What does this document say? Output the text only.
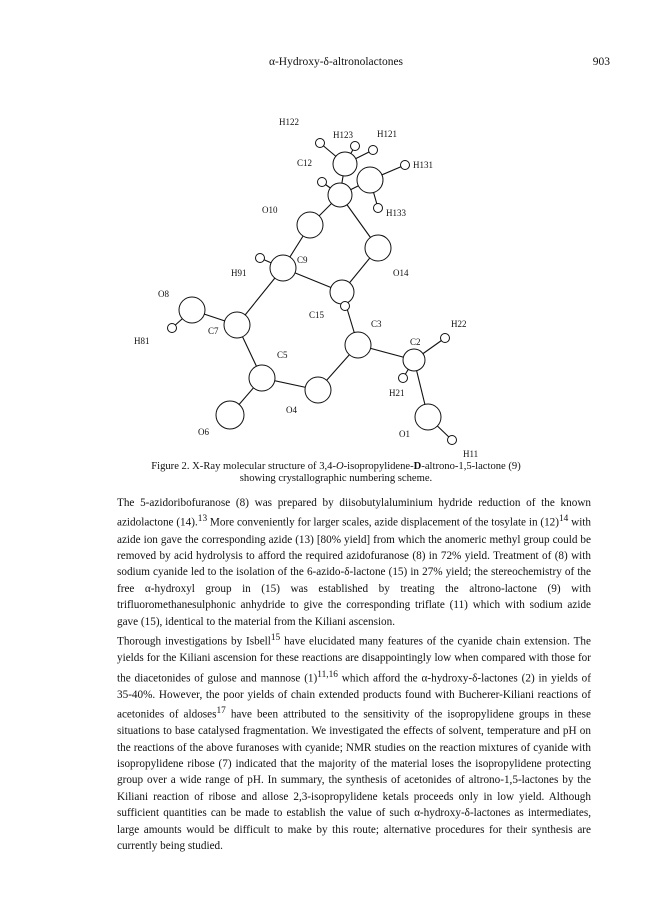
α-Hydroxy-δ-altronolactones	903
H122
H123	H121
C12	H131
O10	H133
C9
H91	O14
O8
C15
C3	H22
C7
C2
H81
C5
H21
O4
O6	O1
H11

Figure 2. X-Ray molecular structure of 3,4-O-isopropylidene-D-altrono-1,5-lactone (9)

showing crystallographic numbering scheme.

The 5-azidoribofuranose (8) was prepared by diisobutylaluminium hydride reduction of the known azidolactone (14).$^{13}$ More conveniently for larger scales, azide displacement of the tosylate in $(12)^{14}$ with azide ion gave the corresponding azide (13) [80% yield] from which the anomeric methyl group could be removed by acid hydrolysis to afford the required azidofuranose (8) in 72% yield. Treatment of (8) with sodium cyanide led to the isolation of the 6-azido-δ-lactone (15) in 27% yield; the stereochemistry of the free α-hydroxyl group in (15) was established by treating the altrono-lactone (9) with trifluoromethanesulphonic anhydride to give the corresponding triflate (11) which with sodium azide gave (15), identical to the material from the Kiliani ascension.

Thorough investigations by Isbell$^{15}$ have elucidated many features of the cyanide chain extension. The yields for the Kiliani ascension for these reactions are disappointingly low when compared with those for the diacetonides of gulose and mannose $(1)^{11,16}$ which afford the α-hydroxy-δ-lactones (2) in yields of 35-40%. However, the poor yields of chain extended products found with Bucherer-Kiliani reactions of acetonides of aldoses$^{17}$ have been attributed to the sensitivity of the isopropylidene groups in these situations to base catalysed fragmentation. We investigated the effects of solvent, temperature and pH on the reactions of the above furanoses with cyanide; NMR studies on the reaction mixtures of cyanide with isopropylidene ribose (7) indicated that the majority of the material loses the isopropylidene protecting group over a wide range of pH. In summary, the synthesis of acetonides of altrono-1,5-lactones by the Kiliani reaction of ribose and allose 2,3-isopropylidene ketals proceeds only in low yield. Although sufficient quantities can be made to establish the value of such α-hydroxy-δ-lactones as intermediates, large amounts would be difficult to make by this route; alternative procedures for their synthesis are currently being studied.
